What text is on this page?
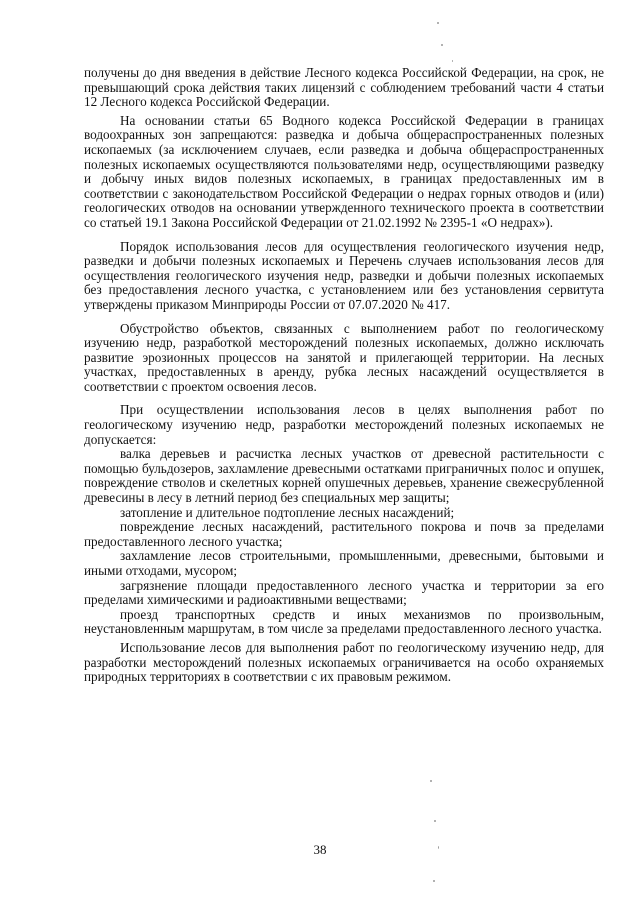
получены до дня введения в действие Лесного кодекса Российской Федерации, на срок, не превышающий срока действия таких лицензий с соблюдением требований части 4 статьи 12 Лесного кодекса Российской Федерации.

На основании статьи 65 Водного кодекса Российской Федерации в границах водоохранных зон запрещаются: разведка и добыча общераспространенных полезных ископаемых (за исключением случаев, если разведка и добыча общераспространенных полезных ископаемых осуществляются пользователями недр, осуществляющими разведку и добычу иных видов полезных ископаемых, в границах предоставленных им в соответствии с законодательством Российской Федерации о недрах горных отводов и (или) геологических отводов на основании утвержденного технического проекта в соответствии со статьей 19.1 Закона Российской Федерации от 21.02.1992 № 2395-1 «О недрах»).

Порядок использования лесов для осуществления геологического изучения недр, разведки и добычи полезных ископаемых и Перечень случаев использования лесов для осуществления геологического изучения недр, разведки и добычи полезных ископаемых без предоставления лесного участка, с установлением или без установления сервитута утверждены приказом Минприроды России от 07.07.2020 № 417.

Обустройство объектов, связанных с выполнением работ по геологическому изучению недр, разработкой месторождений полезных ископаемых, должно исключать развитие эрозионных процессов на занятой и прилегающей территории. На лесных участках, предоставленных в аренду, рубка лесных насаждений осуществляется в соответствии с проектом освоения лесов.

При осуществлении использования лесов в целях выполнения работ по геологическому изучению недр, разработки месторождений полезных ископаемых не допускается:

валка деревьев и расчистка лесных участков от древесной растительности с помощью бульдозеров, захламление древесными остатками приграничных полос и опушек, повреждение стволов и скелетных корней опушечных деревьев, хранение свежесрубленной древесины в лесу в летний период без специальных мер защиты;

затопление и длительное подтопление лесных насаждений;

повреждение лесных насаждений, растительного покрова и почв за пределами предоставленного лесного участка;

захламление лесов строительными, промышленными, древесными, бытовыми и иными отходами, мусором;

загрязнение площади предоставленного лесного участка и территории за его пределами химическими и радиоактивными веществами;

проезд транспортных средств и иных механизмов по произвольным, неустановленным маршрутам, в том числе за пределами предоставленного лесного участка.

Использование лесов для выполнения работ по геологическому изучению недр, для разработки месторождений полезных ископаемых ограничивается на особо охраняемых природных территориях в соответствии с их правовым режимом.

38
